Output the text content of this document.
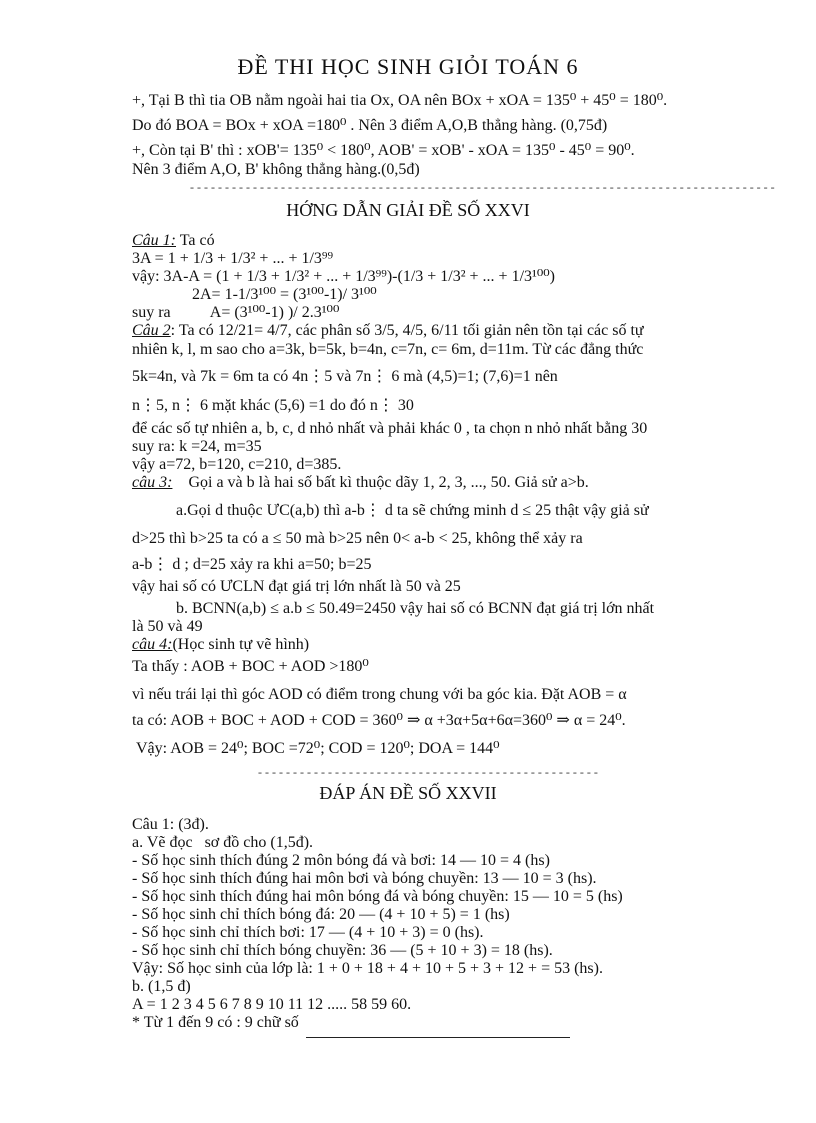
ĐỀ THI HỌC SINH GIỎI TOÁN 6
+, Tại B thì tia OB nằm ngoài hai tia Ox, OA nên BOx + xOA = 135⁰ + 45⁰ = 180⁰.
Do đó BOA = BOx + xOA =180⁰ . Nên 3 điểm A,O,B thẳng hàng. (0,75đ)
+, Còn tại B' thì : xOB'= 135⁰ < 180⁰, AOB' = xOB' - xOA = 135⁰ - 45⁰ = 90⁰.
Nên 3 điểm A,O, B' không thẳng hàng.(0,5đ)
- - - - - - - - - - - - - - - - - - - - - - - - - - - - - - - - - - - - - - - - - - - - - - - - - - - - - - - - - - - - - - - - - - - - - - - - - - - - - - - - - - - -
HỚNG DẪN GIẢI ĐỀ SỐ XXVI
Câu 1: Ta có
3A = 1 + 1/3 + 1/3² + ... + 1/3⁹⁹
vậy: 3A-A = (1 + 1/3 + 1/3² + ... + 1/3⁹⁹)-(1/3 + 1/3² + ... + 1/3¹⁰⁰)
2A= 1-1/3¹⁰⁰ = (3¹⁰⁰-1)/ 3¹⁰⁰
suy ra          A= (3¹⁰⁰-1) )/ 2.3¹⁰⁰
Câu 2: Ta có 12/21= 4/7, các phân số 3/5, 4/5, 6/11 tối giản nên tồn tại các số tự
nhiên k, l, m sao cho a=3k, b=5k, b=4n, c=7n, c= 6m, d=11m. Từ các đẳng thức
5k=4n, và 7k = 6m ta có 4n⋮5 và 7n⋮ 6 mà (4,5)=1; (7,6)=1 nên
n⋮5, n⋮ 6 mặt khác (5,6) =1 do đó n⋮ 30
để các số tự nhiên a, b, c, d nhỏ nhất và phải khác 0 , ta chọn n nhỏ nhất bằng 30
suy ra: k =24, m=35
vậy a=72, b=120, c=210, d=385.
câu 3: Gọi a và b là hai số bất kì thuộc dãy 1, 2, 3, ..., 50. Giả sử a>b.
a.Gọi d thuộc ƯC(a,b) thì a-b⋮ d ta sẽ chứng minh d ≤ 25 thật vậy giả sử
d>25 thì b>25 ta có a ≤ 50 mà b>25 nên 0< a-b < 25, không thể xảy ra
a-b⋮ d ; d=25 xảy ra khi a=50; b=25
vậy hai số có ƯCLN đạt giá trị lớn nhất là 50 và 25
b. BCNN(a,b) ≤ a.b ≤ 50.49=2450 vậy hai số có BCNN đạt giá trị lớn nhất
là 50 và 49
câu 4:(Học sinh tự vẽ hình)
Ta thấy : AOB + BOC + AOD >180⁰
vì nếu trái lại thì góc AOD có điểm trong chung với ba góc kia. Đặt AOB = α
ta có: AOB + BOC + AOD + COD = 360⁰ ⇒ α +3α+5α+6α=360⁰ ⇒ α = 24⁰.
Vậy: AOB = 24⁰; BOC =72⁰; COD = 120⁰; DOA = 144⁰
- - - - - - - - - - - - - - - - - - - - - - - - - - - - - - - - - - - - - - - - - - - - - - - - -
ĐÁP ÁN ĐỀ SỐ XXVII
Câu 1: (3đ).
a. Vẽ đọc   sơ đồ cho (1,5đ).
- Số học sinh thích đúng 2 môn bóng đá và bơi: 14 — 10 = 4 (hs)
- Số học sinh thích đúng hai môn bơi và bóng chuyền: 13 — 10 = 3 (hs).
- Số học sinh thích đúng hai môn bóng đá và bóng chuyền: 15 — 10 = 5 (hs)
- Số học sinh chỉ thích bóng đá: 20 — (4 + 10 + 5) = 1 (hs)
- Số học sinh chỉ thích bơi: 17 — (4 + 10 + 3) = 0 (hs).
- Số học sinh chỉ thích bóng chuyền: 36 — (5 + 10 + 3) = 18 (hs).
Vậy: Số học sinh của lớp là: 1 + 0 + 18 + 4 + 10 + 5 + 3 + 12 + = 53 (hs).
b. (1,5 đ)
A = 1 2 3 4 5 6 7 8 9 10 11 12 ..... 58 59 60.
* Từ 1 đến 9 có : 9 chữ số
